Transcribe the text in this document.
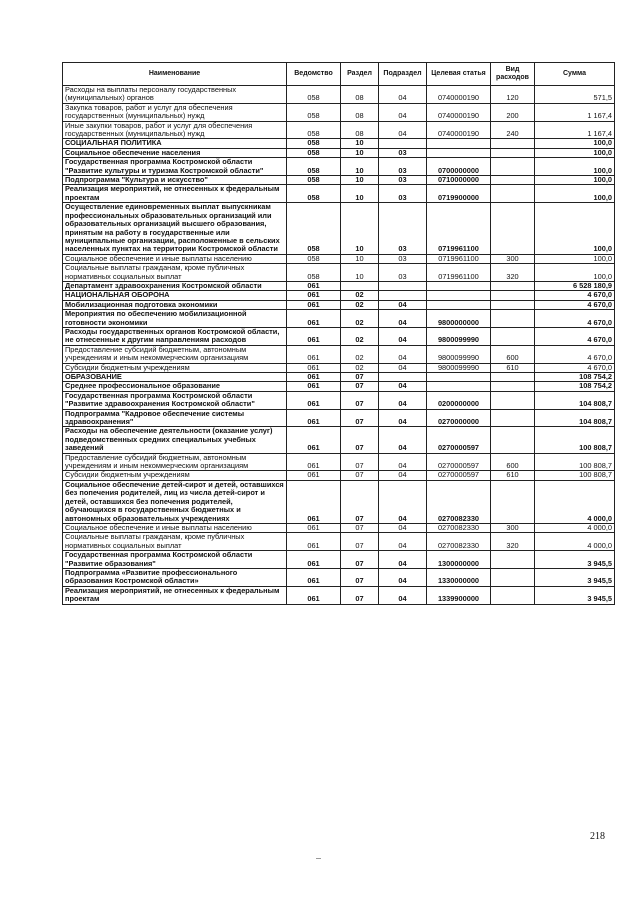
Наименование	Ведомство	Раздел	Подраздел	Целевая статья	Вид расходов	Сумма
Расходы на выплаты персоналу государственных (муниципальных) органов	058	08	04	0740000190	120	571,5
Закупка товаров, работ и услуг для обеспечения государственных (муниципальных) нужд	058	08	04	0740000190	200	1 167,4
Иные закупки товаров, работ и услуг для обеспечения государственных (муниципальных) нужд	058	08	04	0740000190	240	1 167,4
СОЦИАЛЬНАЯ ПОЛИТИКА	058	10				100,0
Социальное обеспечение населения	058	10	03			100,0
Государственная программа Костромской области "Развитие культуры и туризма Костромской области"	058	10	03	0700000000		100,0
Подпрограмма "Культура и искусство"	058	10	03	0710000000		100,0
Реализация мероприятий, не отнесенных к федеральным проектам	058	10	03	0719900000		100,0
Осуществление единовременных выплат выпускникам профессиональных образовательных организаций или образовательных организаций высшего образования, принятым на работу в государственные или муниципальные организации, расположенные в сельских населенных пунктах на территории Костромской области	058	10	03	0719961100		100,0
Социальное обеспечение и иные выплаты населению	058	10	03	0719961100	300	100,0
Социальные выплаты гражданам, кроме публичных нормативных социальных выплат	058	10	03	0719961100	320	100,0
Департамент здравоохранения Костромской области	061					6 528 180,9
НАЦИОНАЛЬНАЯ ОБОРОНА	061	02				4 670,0
Мобилизационная подготовка экономики	061	02	04			4 670,0
Мероприятия по обеспечению мобилизационной готовности экономики	061	02	04	9800000000		4 670,0
Расходы государственных органов Костромской области, не отнесенные к другим направлениям расходов	061	02	04	9800099990		4 670,0
Предоставление субсидий бюджетным, автономным учреждениям и иным некоммерческим организациям	061	02	04	9800099990	600	4 670,0
Субсидии бюджетным учреждениям	061	02	04	9800099990	610	4 670,0
ОБРАЗОВАНИЕ	061	07				108 754,2
Среднее профессиональное образование	061	07	04			108 754,2
Государственная программа Костромской области "Развитие здравоохранения Костромской области"	061	07	04	0200000000		104 808,7
Подпрограмма "Кадровое обеспечение системы здравоохранения"	061	07	04	0270000000		104 808,7
Расходы на обеспечение деятельности (оказание услуг) подведомственных средних специальных учебных заведений	061	07	04	0270000597		100 808,7
Предоставление субсидий бюджетным, автономным учреждениям и иным некоммерческим организациям	061	07	04	0270000597	600	100 808,7
Субсидии бюджетным учреждениям	061	07	04	0270000597	610	100 808,7
Социальное обеспечение детей-сирот и детей, оставшихся без попечения родителей, лиц из числа детей-сирот и детей, оставшихся без попечения родителей, обучающихся в государственных бюджетных и автономных образовательных учреждениях	061	07	04	0270082330		4 000,0
Социальное обеспечение и иные выплаты населению	061	07	04	0270082330	300	4 000,0
Социальные выплаты гражданам, кроме публичных нормативных социальных выплат	061	07	04	0270082330	320	4 000,0
Государственная программа Костромской области "Развитие образования"	061	07	04	1300000000		3 945,5
Подпрограмма «Развитие профессионального образования Костромской области»	061	07	04	1330000000		3 945,5
Реализация мероприятий, не отнесенных к федеральным проектам	061	07	04	1339900000		3 945,5
218
